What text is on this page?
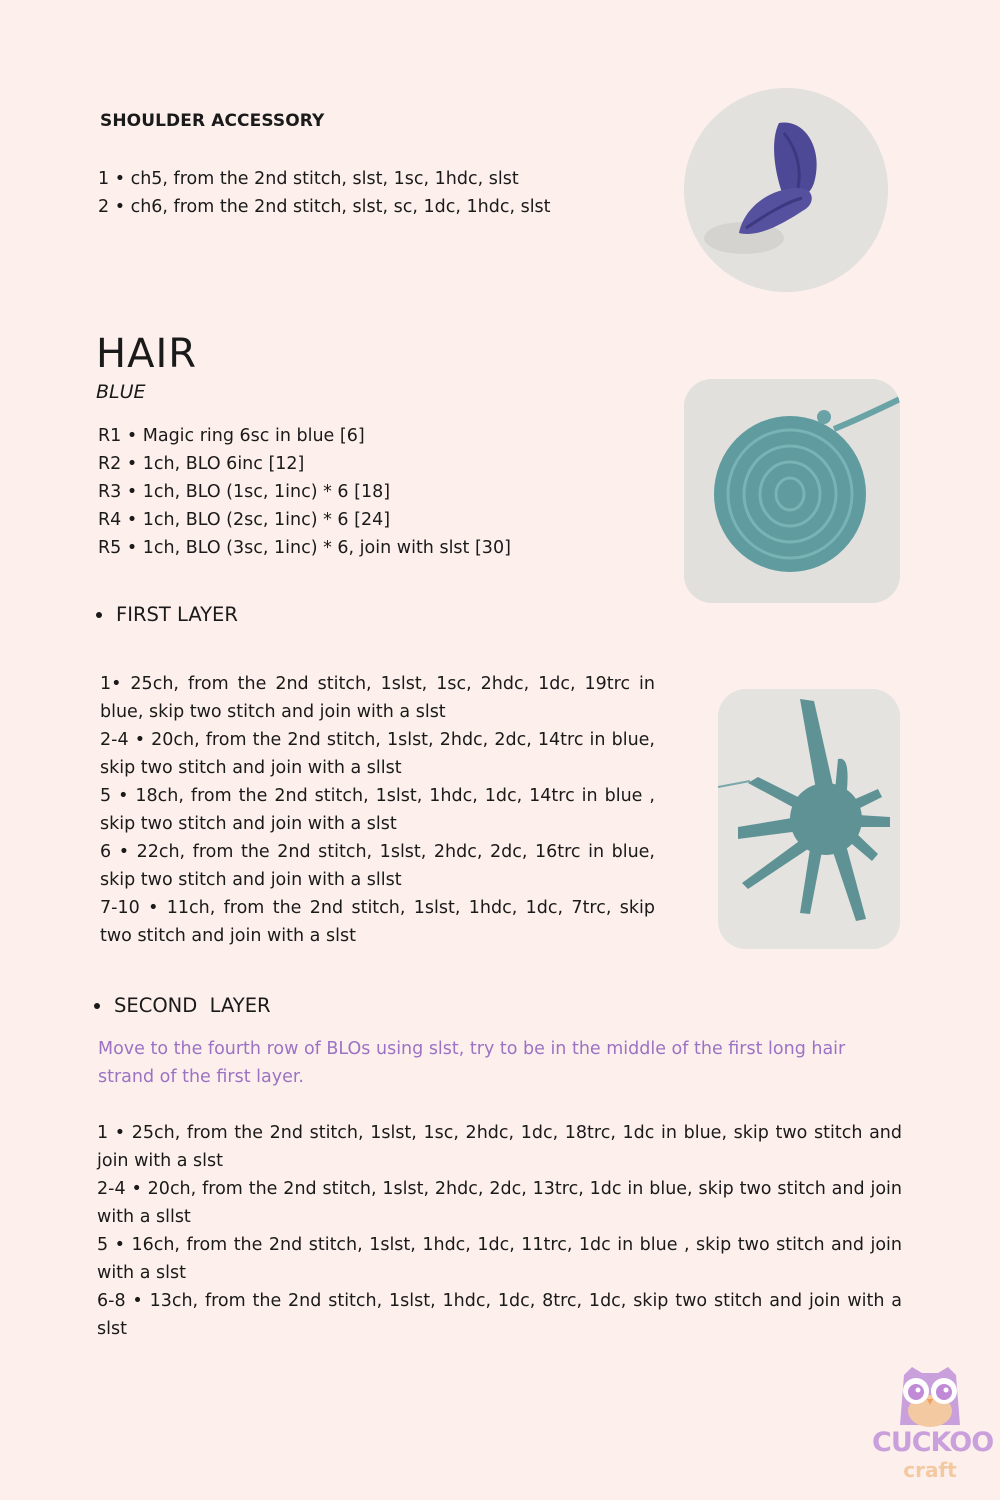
SHOULDER ACCESSORY
1 • ch5, from the 2nd stitch, slst, 1sc, 1hdc, slst
2 • ch6, from the 2nd stitch, slst, sc, 1dc, 1hdc, slst
HAIR
BLUE
R1 • Magic ring 6sc in blue [6]
R2 • 1ch, BLO 6inc [12]
R3 • 1ch, BLO (1sc, 1inc) * 6 [18]
R4 • 1ch, BLO (2sc, 1inc) * 6 [24]
R5 • 1ch, BLO (3sc, 1inc) * 6, join with slst [30]
FIRST LAYER
1• 25ch, from the 2nd stitch, 1slst, 1sc, 2hdc, 1dc, 19trc in blue, skip two stitch and join with a slst
2-4 • 20ch, from the 2nd stitch, 1slst, 2hdc, 2dc, 14trc in blue, skip two stitch and join with a sllst
5 • 18ch, from the 2nd stitch, 1slst, 1hdc, 1dc, 14trc in blue , skip two stitch and join with a slst
6 • 22ch, from the 2nd stitch, 1slst, 2hdc, 2dc, 16trc in blue, skip two stitch and join with a sllst
7-10 • 11ch, from the 2nd stitch, 1slst, 1hdc, 1dc, 7trc, skip two stitch and join with a slst
SECOND  LAYER
Move to the fourth row of BLOs using slst, try to be in the middle of the first long hair strand of the first layer.
1 • 25ch, from the 2nd stitch, 1slst, 1sc, 2hdc, 1dc, 18trc, 1dc in blue, skip two stitch and join with a slst
2-4 • 20ch, from the 2nd stitch, 1slst, 2hdc, 2dc, 13trc, 1dc in blue, skip two stitch and join with a sllst
5 • 16ch, from the 2nd stitch, 1slst, 1hdc, 1dc, 11trc, 1dc in blue , skip two stitch and join with a slst
6-8 • 13ch, from the 2nd stitch, 1slst, 1hdc, 1dc, 8trc, 1dc, skip two stitch and join with a slst
CUCKOO
craft
